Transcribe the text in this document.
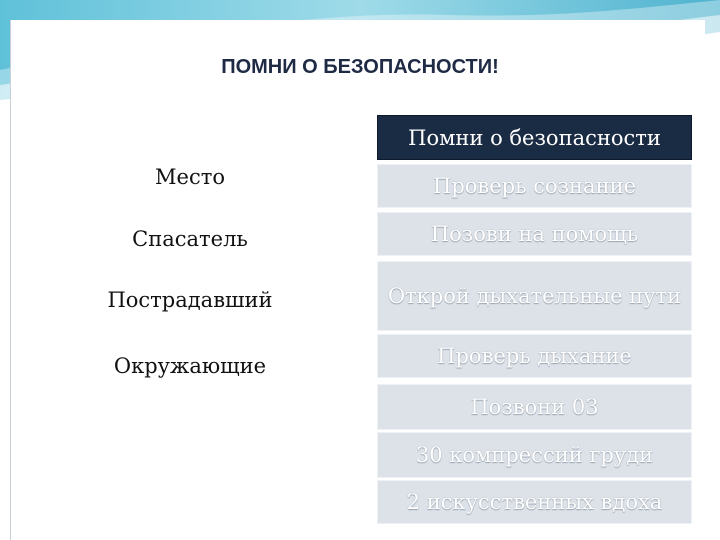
ПОМНИ О БЕЗОПАСНОСТИ!
Место
Спасатель
Пострадавший
Окружающие
Помни о безопасности
Проверь сознание
Позови на помощь
Открой дыхательные пути
Проверь дыхание
Позвони 03
30 компрессий груди
2 искусственных вдоха
